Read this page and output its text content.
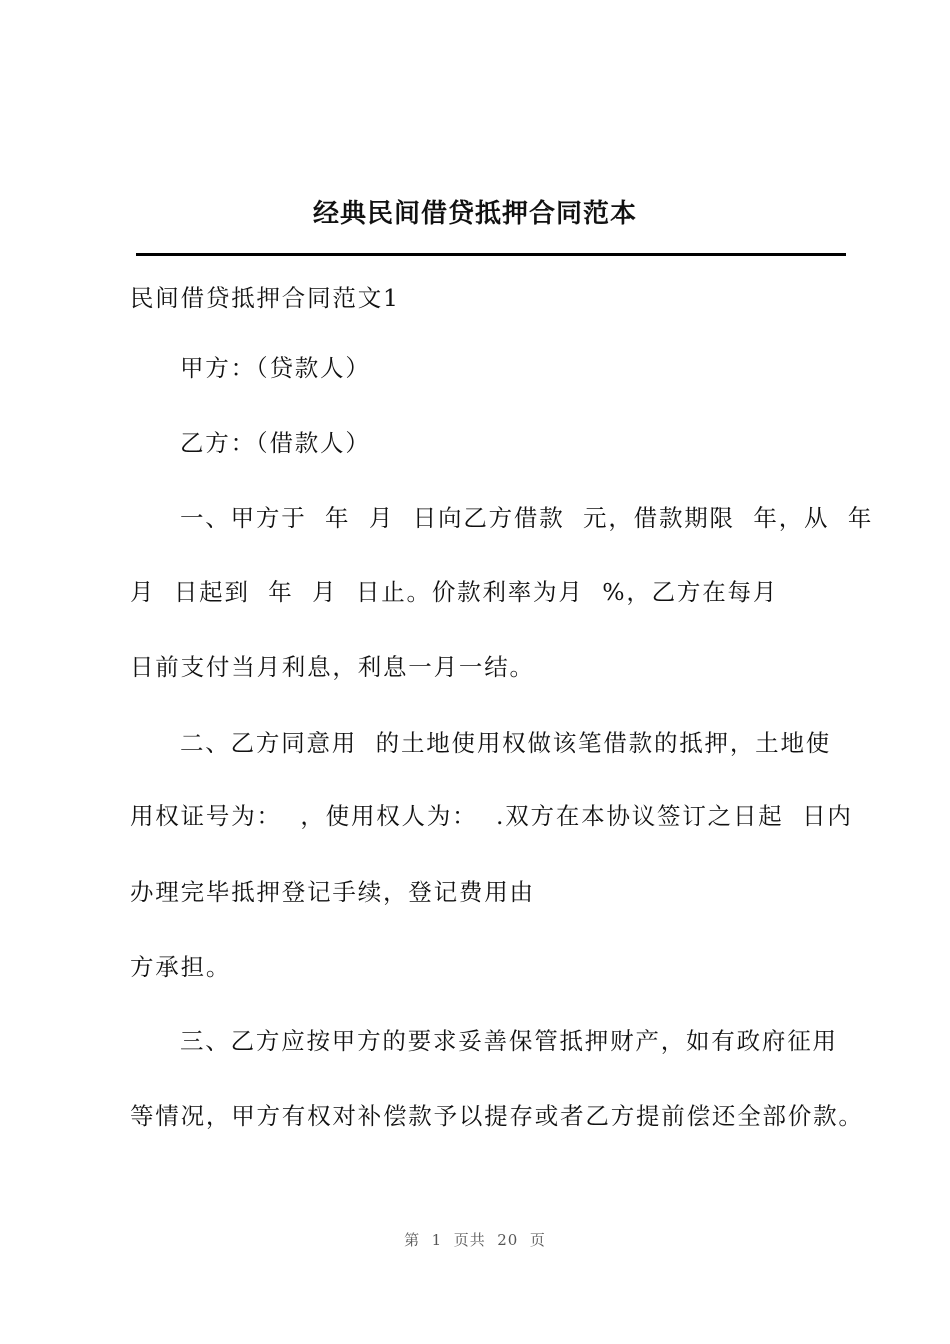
经典民间借贷抵押合同范本
民间借贷抵押合同范文1
甲方：（贷款人）
乙方：（借款人）
一、甲方于  年  月  日向乙方借款  元，借款期限  年，从  年
月  日起到  年  月  日止。价款利率为月  %，乙方在每月
日前支付当月利息，利息一月一结。
二、乙方同意用  的土地使用权做该笔借款的抵押，土地使
用权证号为：  ，使用权人为：  .双方在本协议签订之日起  日内
办理完毕抵押登记手续，登记费用由
方承担。
三、乙方应按甲方的要求妥善保管抵押财产，如有政府征用
等情况，甲方有权对补偿款予以提存或者乙方提前偿还全部价款。
第  1  页共  20  页
